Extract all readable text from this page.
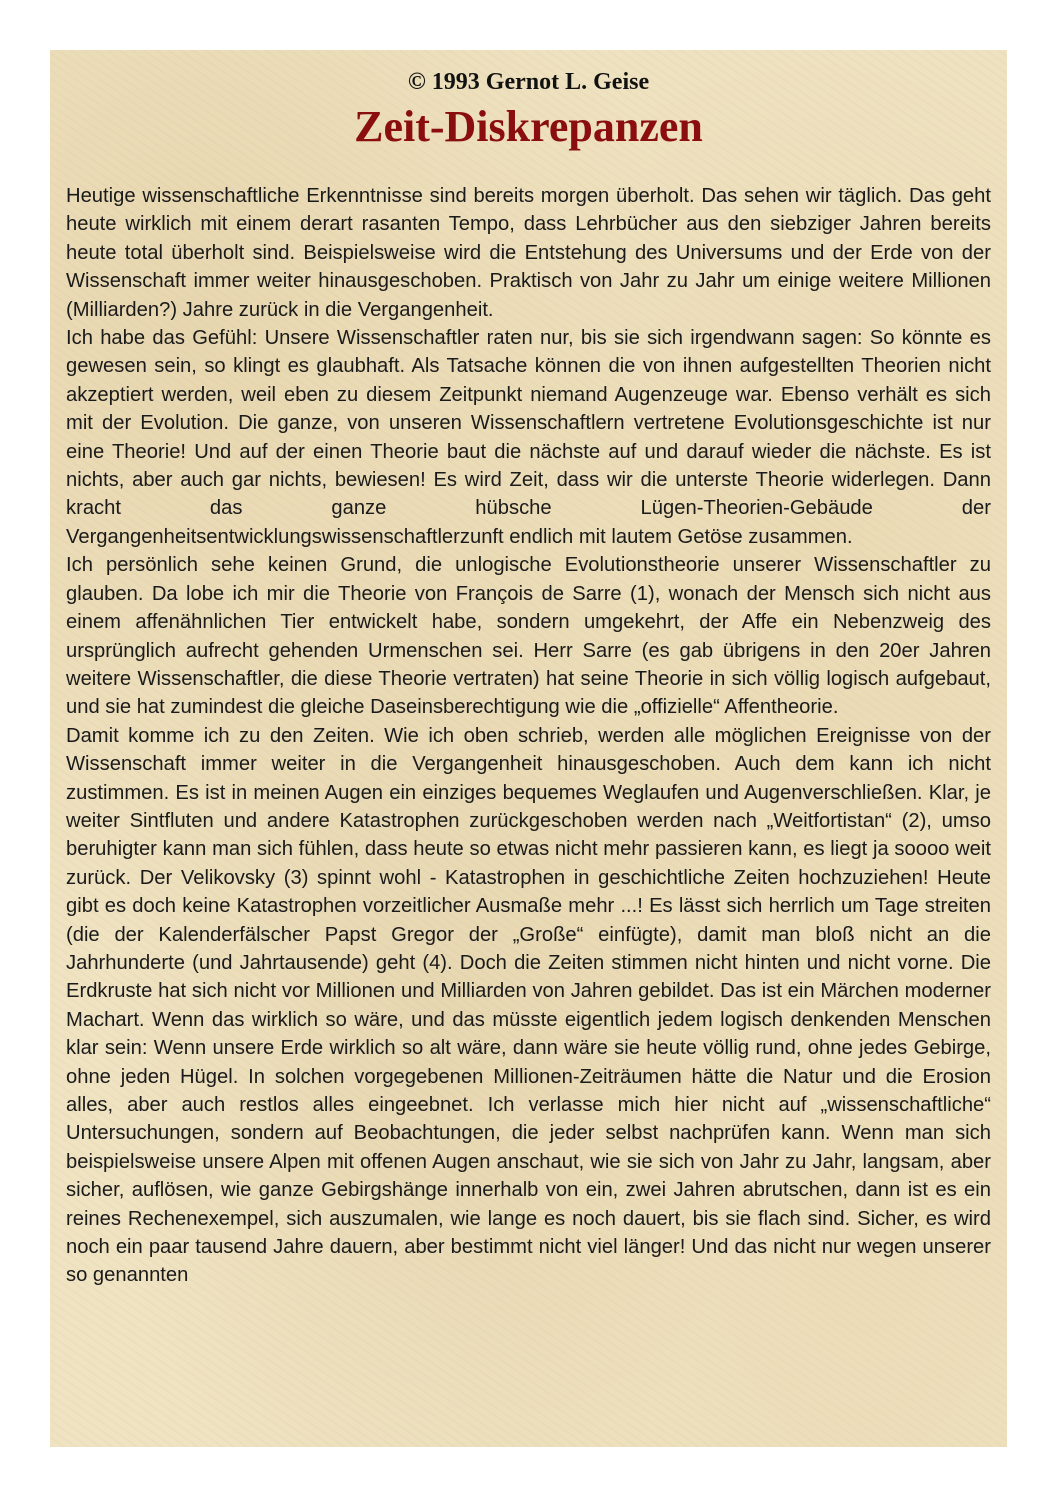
© 1993 Gernot L. Geise
Zeit-Diskrepanzen

Heutige wissenschaftliche Erkenntnisse sind bereits morgen überholt. Das sehen wir täglich. Das geht heute wirklich mit einem derart rasanten Tempo, dass Lehrbücher aus den siebziger Jahren bereits heute total überholt sind. Beispielsweise wird die Entstehung des Universums und der Erde von der Wissenschaft immer weiter hinausgeschoben. Praktisch von Jahr zu Jahr um einige weitere Millionen (Milliarden?) Jahre zurück in die Vergangenheit.

Ich habe das Gefühl: Unsere Wissenschaftler raten nur, bis sie sich irgendwann sagen: So könnte es gewesen sein, so klingt es glaubhaft. Als Tatsache können die von ihnen aufgestellten Theorien nicht akzeptiert werden, weil eben zu diesem Zeitpunkt niemand Augenzeuge war. Ebenso verhält es sich mit der Evolution. Die ganze, von unseren Wissenschaftlern vertretene Evolutionsgeschichte ist nur eine Theorie! Und auf der einen Theorie baut die nächste auf und darauf wieder die nächste. Es ist nichts, aber auch gar nichts, bewiesen! Es wird Zeit, dass wir die unterste Theorie widerlegen. Dann kracht das ganze hübsche Lügen-Theorien-Gebäude der Vergangenheitsentwicklungswissenschaftlerzunft endlich mit lautem Getöse zusammen.

Ich persönlich sehe keinen Grund, die unlogische Evolutionstheorie unserer Wissenschaftler zu glauben. Da lobe ich mir die Theorie von François de Sarre (1), wonach der Mensch sich nicht aus einem affenähnlichen Tier entwickelt habe, sondern umgekehrt, der Affe ein Nebenzweig des ursprünglich aufrecht gehenden Urmenschen sei. Herr Sarre (es gab übrigens in den 20er Jahren weitere Wissenschaftler, die diese Theorie vertraten) hat seine Theorie in sich völlig logisch aufgebaut, und sie hat zumindest die gleiche Daseinsberechtigung wie die „offizielle“ Affentheorie.

Damit komme ich zu den Zeiten. Wie ich oben schrieb, werden alle möglichen Ereignisse von der Wissenschaft immer weiter in die Vergangenheit hinausgeschoben. Auch dem kann ich nicht zustimmen. Es ist in meinen Augen ein einziges bequemes Weglaufen und Augenverschließen. Klar, je weiter Sintfluten und andere Katastrophen zurückgeschoben werden nach „Weitfortistan“ (2), umso beruhigter kann man sich fühlen, dass heute so etwas nicht mehr passieren kann, es liegt ja soooo weit zurück. Der Velikovsky (3) spinnt wohl - Katastrophen in geschichtliche Zeiten hochzuziehen! Heute gibt es doch keine Katastrophen vorzeitlicher Ausmaße mehr ...! Es lässt sich herrlich um Tage streiten (die der Kalenderfälscher Papst Gregor der „Große“ einfügte), damit man bloß nicht an die Jahrhunderte (und Jahrtausende) geht (4). Doch die Zeiten stimmen nicht hinten und nicht vorne. Die Erdkruste hat sich nicht vor Millionen und Milliarden von Jahren gebildet. Das ist ein Märchen moderner Machart. Wenn das wirklich so wäre, und das müsste eigentlich jedem logisch denkenden Menschen klar sein: Wenn unsere Erde wirklich so alt wäre, dann wäre sie heute völlig rund, ohne jedes Gebirge, ohne jeden Hügel. In solchen vorgegebenen Millionen-Zeiträumen hätte die Natur und die Erosion alles, aber auch restlos alles eingeebnet. Ich verlasse mich hier nicht auf „wissenschaftliche“ Untersuchungen, sondern auf Beobachtungen, die jeder selbst nachprüfen kann. Wenn man sich beispielsweise unsere Alpen mit offenen Augen anschaut, wie sie sich von Jahr zu Jahr, langsam, aber sicher, auflösen, wie ganze Gebirgshänge innerhalb von ein, zwei Jahren abrutschen, dann ist es ein reines Rechenexempel, sich auszumalen, wie lange es noch dauert, bis sie flach sind. Sicher, es wird noch ein paar tausend Jahre dauern, aber bestimmt nicht viel länger! Und das nicht nur wegen unserer so genannten
